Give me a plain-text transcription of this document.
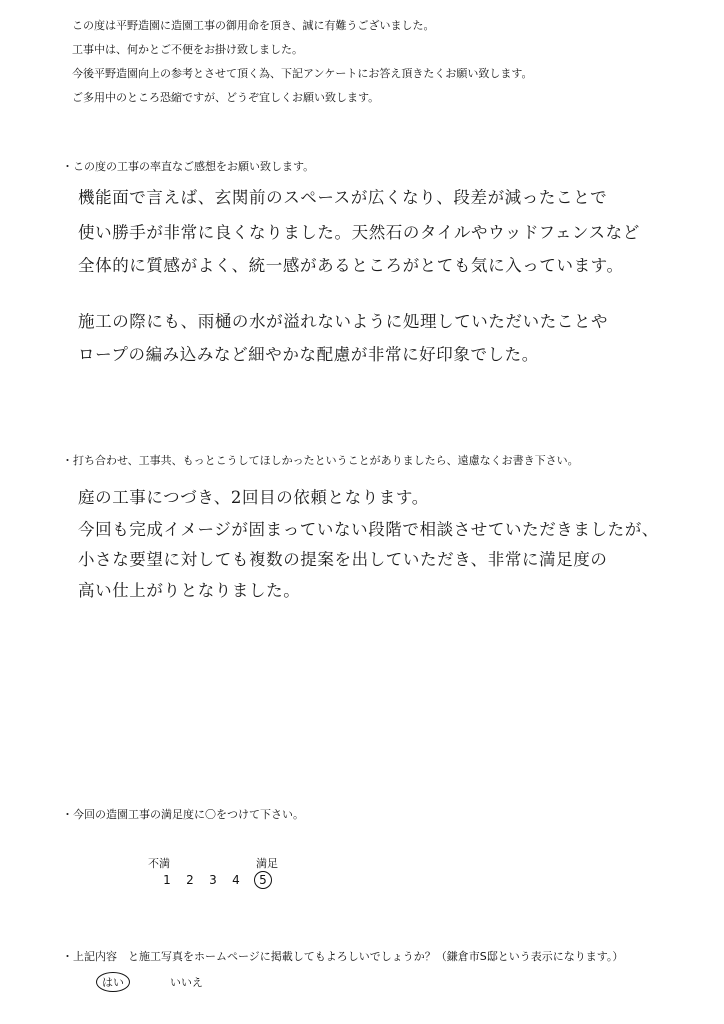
この度は平野造園に造園工事の御用命を頂き、誠に有難うございました。

工事中は、何かとご不便をお掛け致しました。

今後平野造園向上の参考とさせて頂く為、下記アンケートにお答え頂きたくお願い致します。

ご多用中のところ恐縮ですが、どうぞ宜しくお願い致します。

・この度の工事の率直なご感想をお願い致します。
機能面で言えば、玄関前のスペースが広くなり、段差が減ったことで
使い勝手が非常に良くなりました。天然石のタイルやウッドフェンスなど
全体的に質感がよく、統一感があるところがとても気に入っています。
施工の際にも、雨樋の水が溢れないように処理していただいたことや
ロープの編み込みなど細やかな配慮が非常に好印象でした。
・打ち合わせ、工事共、もっとこうしてほしかったということがありましたら、遠慮なくお書き下さい。
庭の工事につづき、2回目の依頼となります。
今回も完成イメージが固まっていない段階で相談させていただきましたが、
小さな要望に対しても複数の提案を出していただき、非常に満足度の
高い仕上がりとなりました。
・今回の造園工事の満足度に〇をつけて下さい。
不満	満足
1 2 3 4	5
・上記内容　と施工写真をホームページに掲載してもよろしいでしょうか？（鎌倉市S邸という表示になります。）
はい	いいえ
